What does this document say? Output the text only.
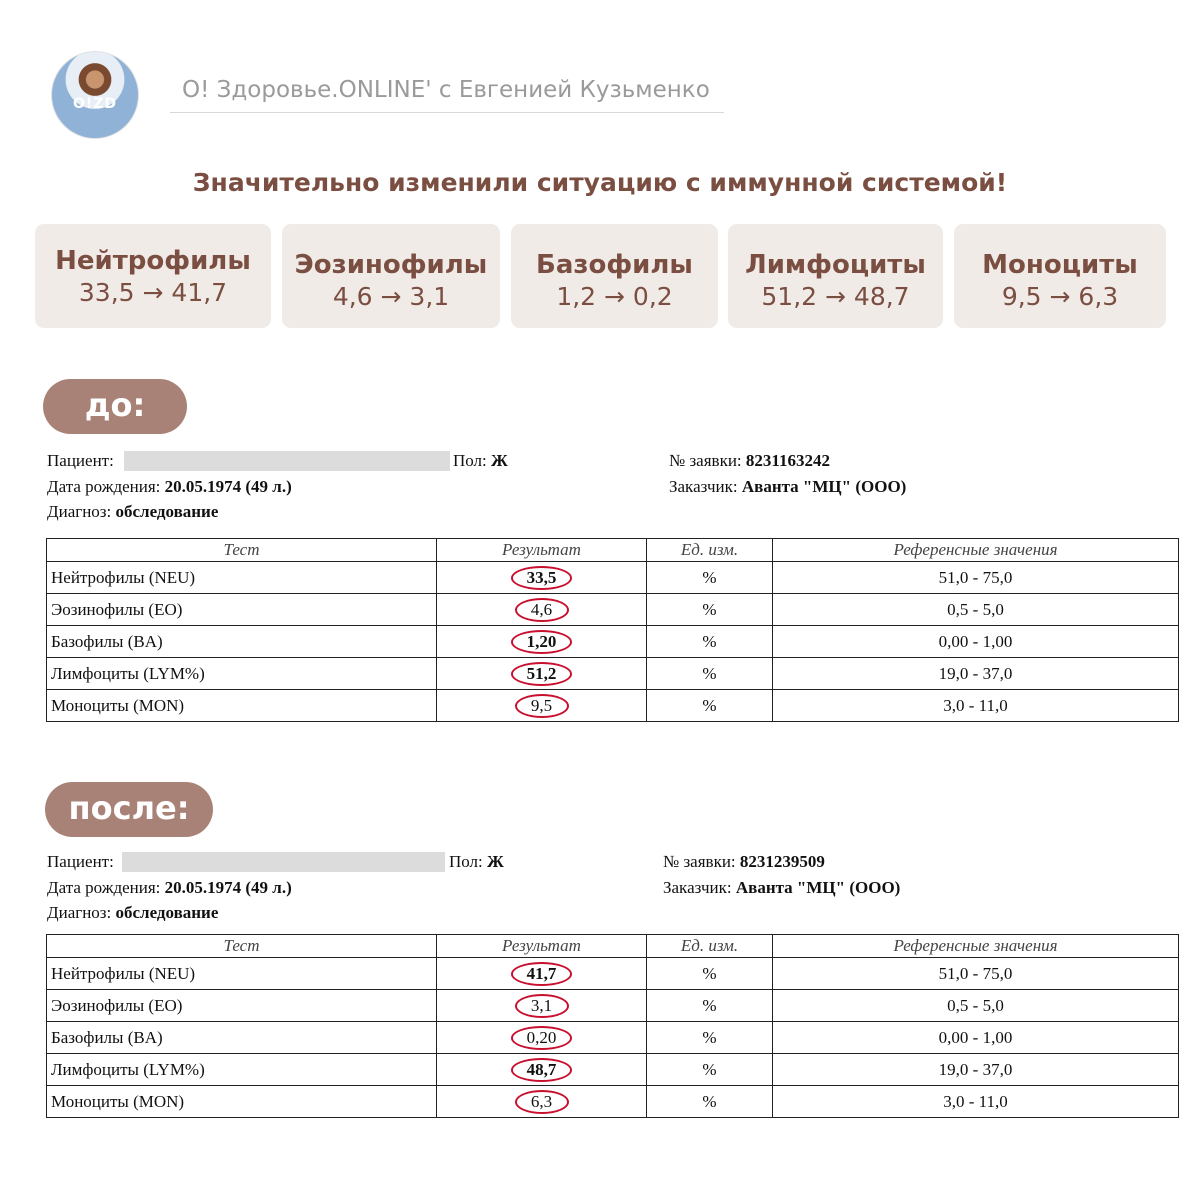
O!ZD
О! Здоровье.ONLINE' с Евгенией Кузьменко
Значительно изменили ситуацию с иммунной системой!
Нейтрофилы
33,5 → 41,7
Эозинофилы
4,6 → 3,1
Базофилы
1,2 → 0,2
Лимфоциты
51,2 → 48,7
Моноциты
9,5 → 6,3
до:
Пациент:	Пол: Ж	№ заявки: 8231163242
Дата рождения: 20.05.1974 (49 л.)	Заказчик: Аванта "МЦ" (ООО)
Диагноз: обследование
Тест	Результат	Ед. изм.	Референсные значения
Нейтрофилы (NEU)	33,5	%	51,0 - 75,0
Эозинофилы (EO)	4,6	%	0,5 - 5,0
Базофилы (BA)	1,20	%	0,00 - 1,00
Лимфоциты (LYM%)	51,2	%	19,0 - 37,0
Моноциты (MON)	9,5	%	3,0 - 11,0
после:
Пациент:	Пол: Ж	№ заявки: 8231239509
Дата рождения: 20.05.1974 (49 л.)	Заказчик: Аванта "МЦ" (ООО)
Диагноз: обследование
Тест	Результат	Ед. изм.	Референсные значения
Нейтрофилы (NEU)	41,7	%	51,0 - 75,0
Эозинофилы (EO)	3,1	%	0,5 - 5,0
Базофилы (BA)	0,20	%	0,00 - 1,00
Лимфоциты (LYM%)	48,7	%	19,0 - 37,0
Моноциты (MON)	6,3	%	3,0 - 11,0
